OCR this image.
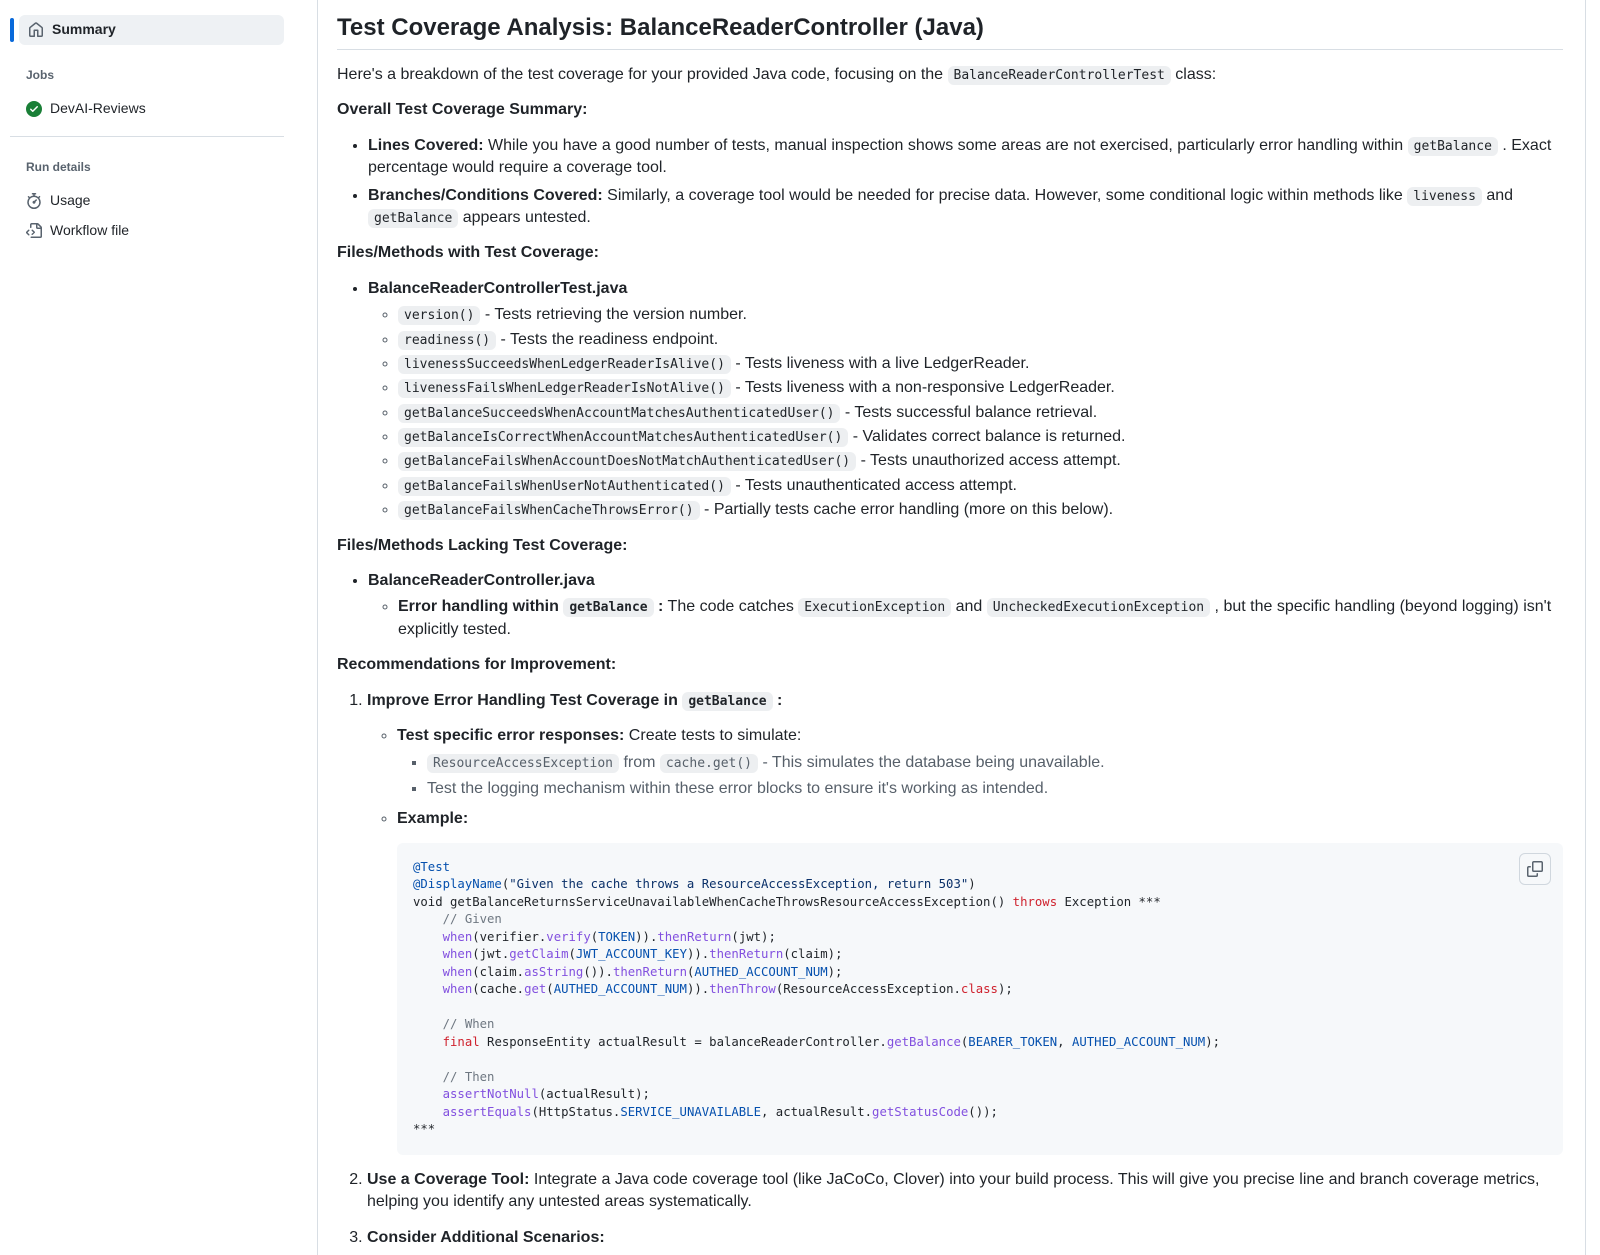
Summary
Jobs
DevAI-Reviews
Run details
Usage
Workflow file
Test Coverage Analysis: BalanceReaderController (Java)

Here's a breakdown of the test coverage for your provided Java code, focusing on the BalanceReaderControllerTest class:

Overall Test Coverage Summary:

• Lines Covered: While you have a good number of tests, manual inspection shows some areas are not exercised, particularly error handling within getBalance . Exact percentage would require a coverage tool.
• Branches/Conditions Covered: Similarly, a coverage tool would be needed for precise data. However, some conditional logic within methods like liveness and getBalance appears untested.

Files/Methods with Test Coverage:

• BalanceReaderControllerTest.java
◦ version() - Tests retrieving the version number.
◦ readiness() - Tests the readiness endpoint.
◦ livenessSucceedsWhenLedgerReaderIsAlive() - Tests liveness with a live LedgerReader.
◦ livenessFailsWhenLedgerReaderIsNotAlive() - Tests liveness with a non-responsive LedgerReader.
◦ getBalanceSucceedsWhenAccountMatchesAuthenticatedUser() - Tests successful balance retrieval.
◦ getBalanceIsCorrectWhenAccountMatchesAuthenticatedUser() - Validates correct balance is returned.
◦ getBalanceFailsWhenAccountDoesNotMatchAuthenticatedUser() - Tests unauthorized access attempt.
◦ getBalanceFailsWhenUserNotAuthenticated() - Tests unauthenticated access attempt.
◦ getBalanceFailsWhenCacheThrowsError() - Partially tests cache error handling (more on this below).

Files/Methods Lacking Test Coverage:

• BalanceReaderController.java
◦ Error handling within getBalance : The code catches ExecutionException and UncheckedExecutionException , but the specific handling (beyond logging) isn't explicitly tested.

Recommendations for Improvement:

1. Improve Error Handling Test Coverage in getBalance :
◦ Test specific error responses: Create tests to simulate:
▪ ResourceAccessException from cache.get() - This simulates the database being unavailable.
▪ Test the logging mechanism within these error blocks to ensure it's working as intended.
◦ Example:
@Test
@DisplayName("Given the cache throws a ResourceAccessException, return 503")
void getBalanceReturnsServiceUnavailableWhenCacheThrowsResourceAccessException() throws Exception ***
// Given
when(verifier.verify(TOKEN)).thenReturn(jwt);
when(jwt.getClaim(JWT_ACCOUNT_KEY)).thenReturn(claim);
when(claim.asString()).thenReturn(AUTHED_ACCOUNT_NUM);
when(cache.get(AUTHED_ACCOUNT_NUM)).thenThrow(ResourceAccessException.class);

// When
final ResponseEntity actualResult = balanceReaderController.getBalance(BEARER_TOKEN, AUTHED_ACCOUNT_NUM);

// Then
assertNotNull(actualResult);
assertEquals(HttpStatus.SERVICE_UNAVAILABLE, actualResult.getStatusCode());
***
2. Use a Coverage Tool: Integrate a Java code coverage tool (like JaCoCo, Clover) into your build process. This will give you precise line and branch coverage metrics, helping you identify any untested areas systematically.
3. Consider Additional Scenarios:
